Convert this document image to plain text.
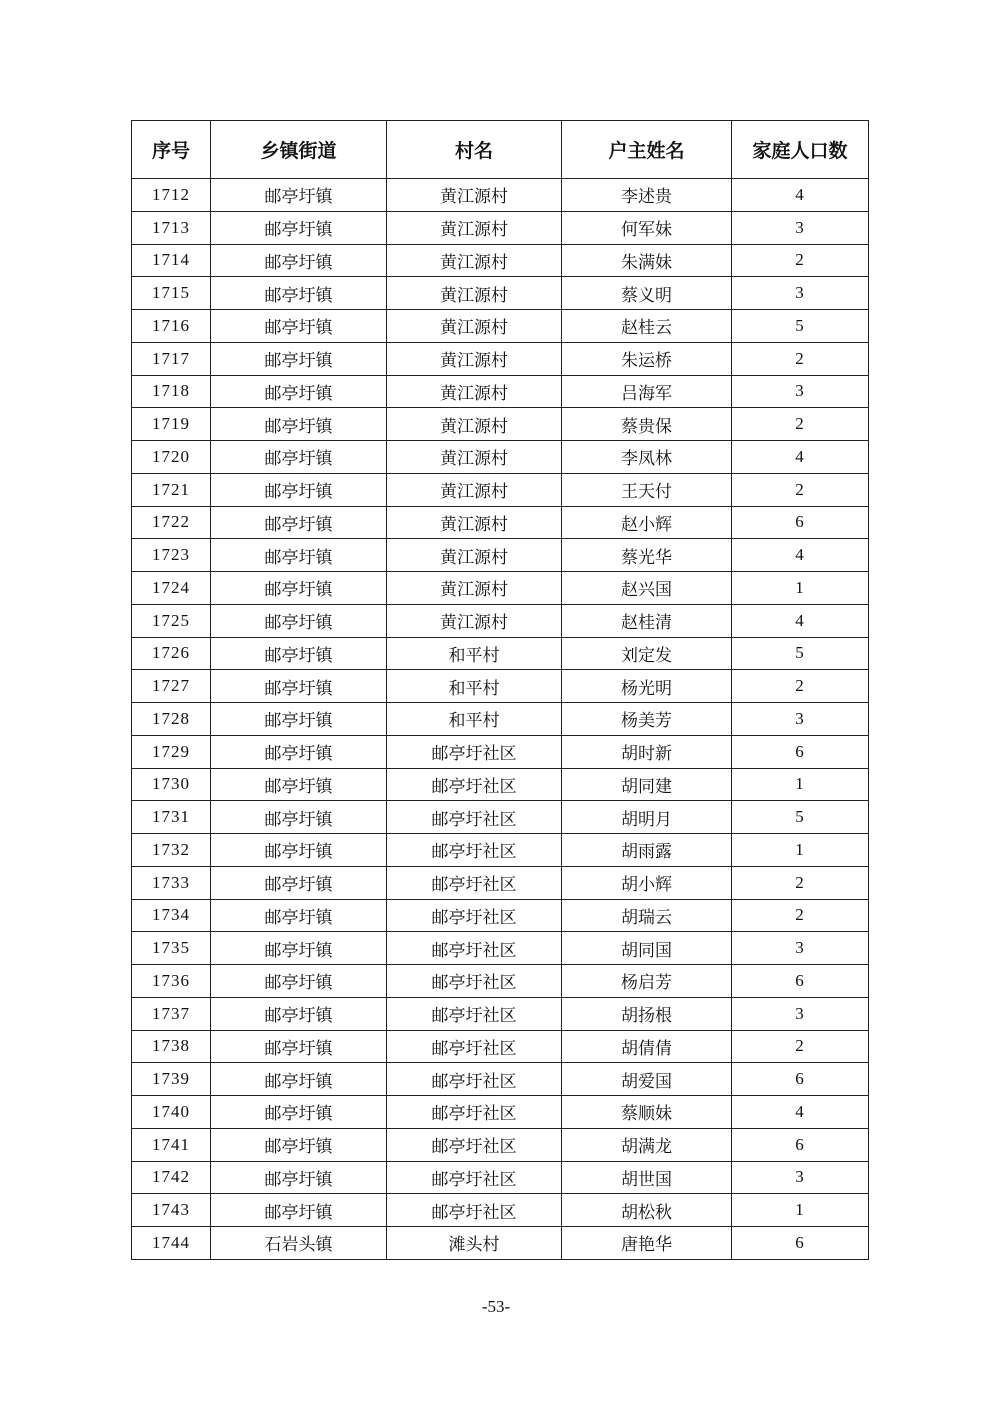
序号	乡镇街道	村名	户主姓名	家庭人口数
1712	邮亭圩镇	黄江源村	李述贵	4
1713	邮亭圩镇	黄江源村	何军妹	3
1714	邮亭圩镇	黄江源村	朱满妹	2
1715	邮亭圩镇	黄江源村	蔡义明	3
1716	邮亭圩镇	黄江源村	赵桂云	5
1717	邮亭圩镇	黄江源村	朱运桥	2
1718	邮亭圩镇	黄江源村	吕海军	3
1719	邮亭圩镇	黄江源村	蔡贵保	2
1720	邮亭圩镇	黄江源村	李凤林	4
1721	邮亭圩镇	黄江源村	王天付	2
1722	邮亭圩镇	黄江源村	赵小辉	6
1723	邮亭圩镇	黄江源村	蔡光华	4
1724	邮亭圩镇	黄江源村	赵兴国	1
1725	邮亭圩镇	黄江源村	赵桂清	4
1726	邮亭圩镇	和平村	刘定发	5
1727	邮亭圩镇	和平村	杨光明	2
1728	邮亭圩镇	和平村	杨美芳	3
1729	邮亭圩镇	邮亭圩社区	胡时新	6
1730	邮亭圩镇	邮亭圩社区	胡同建	1
1731	邮亭圩镇	邮亭圩社区	胡明月	5
1732	邮亭圩镇	邮亭圩社区	胡雨露	1
1733	邮亭圩镇	邮亭圩社区	胡小辉	2
1734	邮亭圩镇	邮亭圩社区	胡瑞云	2
1735	邮亭圩镇	邮亭圩社区	胡同国	3
1736	邮亭圩镇	邮亭圩社区	杨启芳	6
1737	邮亭圩镇	邮亭圩社区	胡扬根	3
1738	邮亭圩镇	邮亭圩社区	胡倩倩	2
1739	邮亭圩镇	邮亭圩社区	胡爱国	6
1740	邮亭圩镇	邮亭圩社区	蔡顺妹	4
1741	邮亭圩镇	邮亭圩社区	胡满龙	6
1742	邮亭圩镇	邮亭圩社区	胡世国	3
1743	邮亭圩镇	邮亭圩社区	胡松秋	1
1744	石岩头镇	滩头村	唐艳华	6
-53-
